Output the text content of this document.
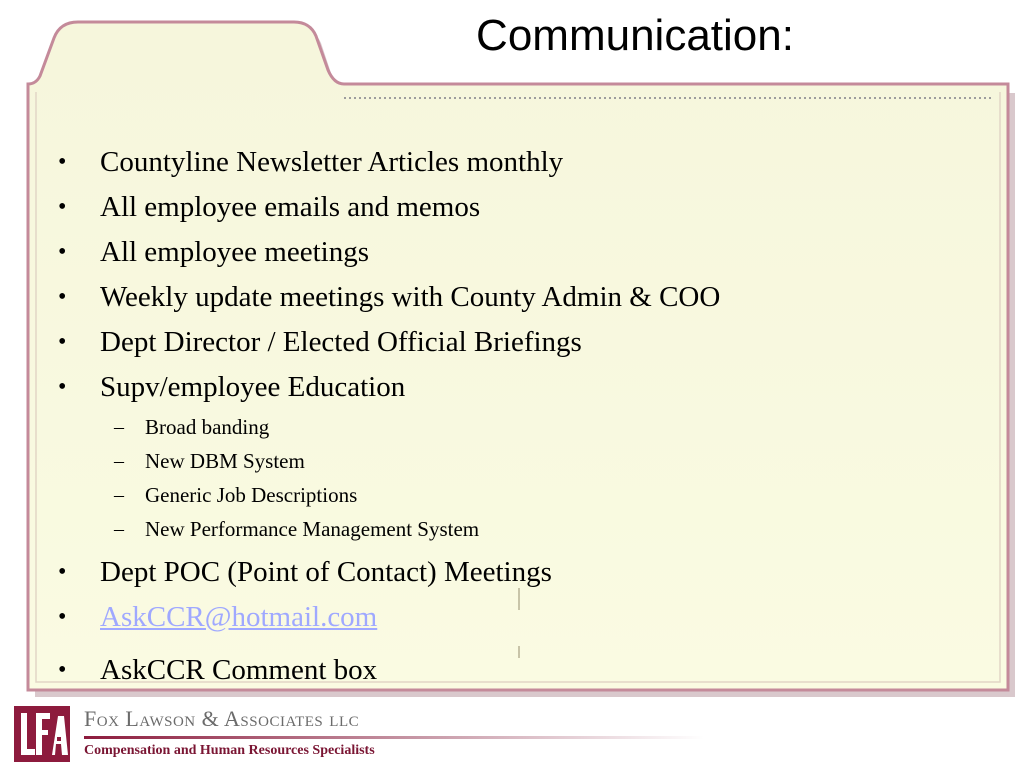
Communication:
• Countyline Newsletter Articles monthly
• All employee emails and memos
• All employee meetings
• Weekly update meetings with County Admin & COO
• Dept Director / Elected Official Briefings
• Supv/employee Education
– Broad banding
– New DBM System
– Generic Job Descriptions
– New Performance Management System
• Dept POC (Point of Contact) Meetings
• AskCCR@hotmail.com
• AskCCR Comment box
Fox Lawson & Associates llc
Compensation and Human Resources Specialists
